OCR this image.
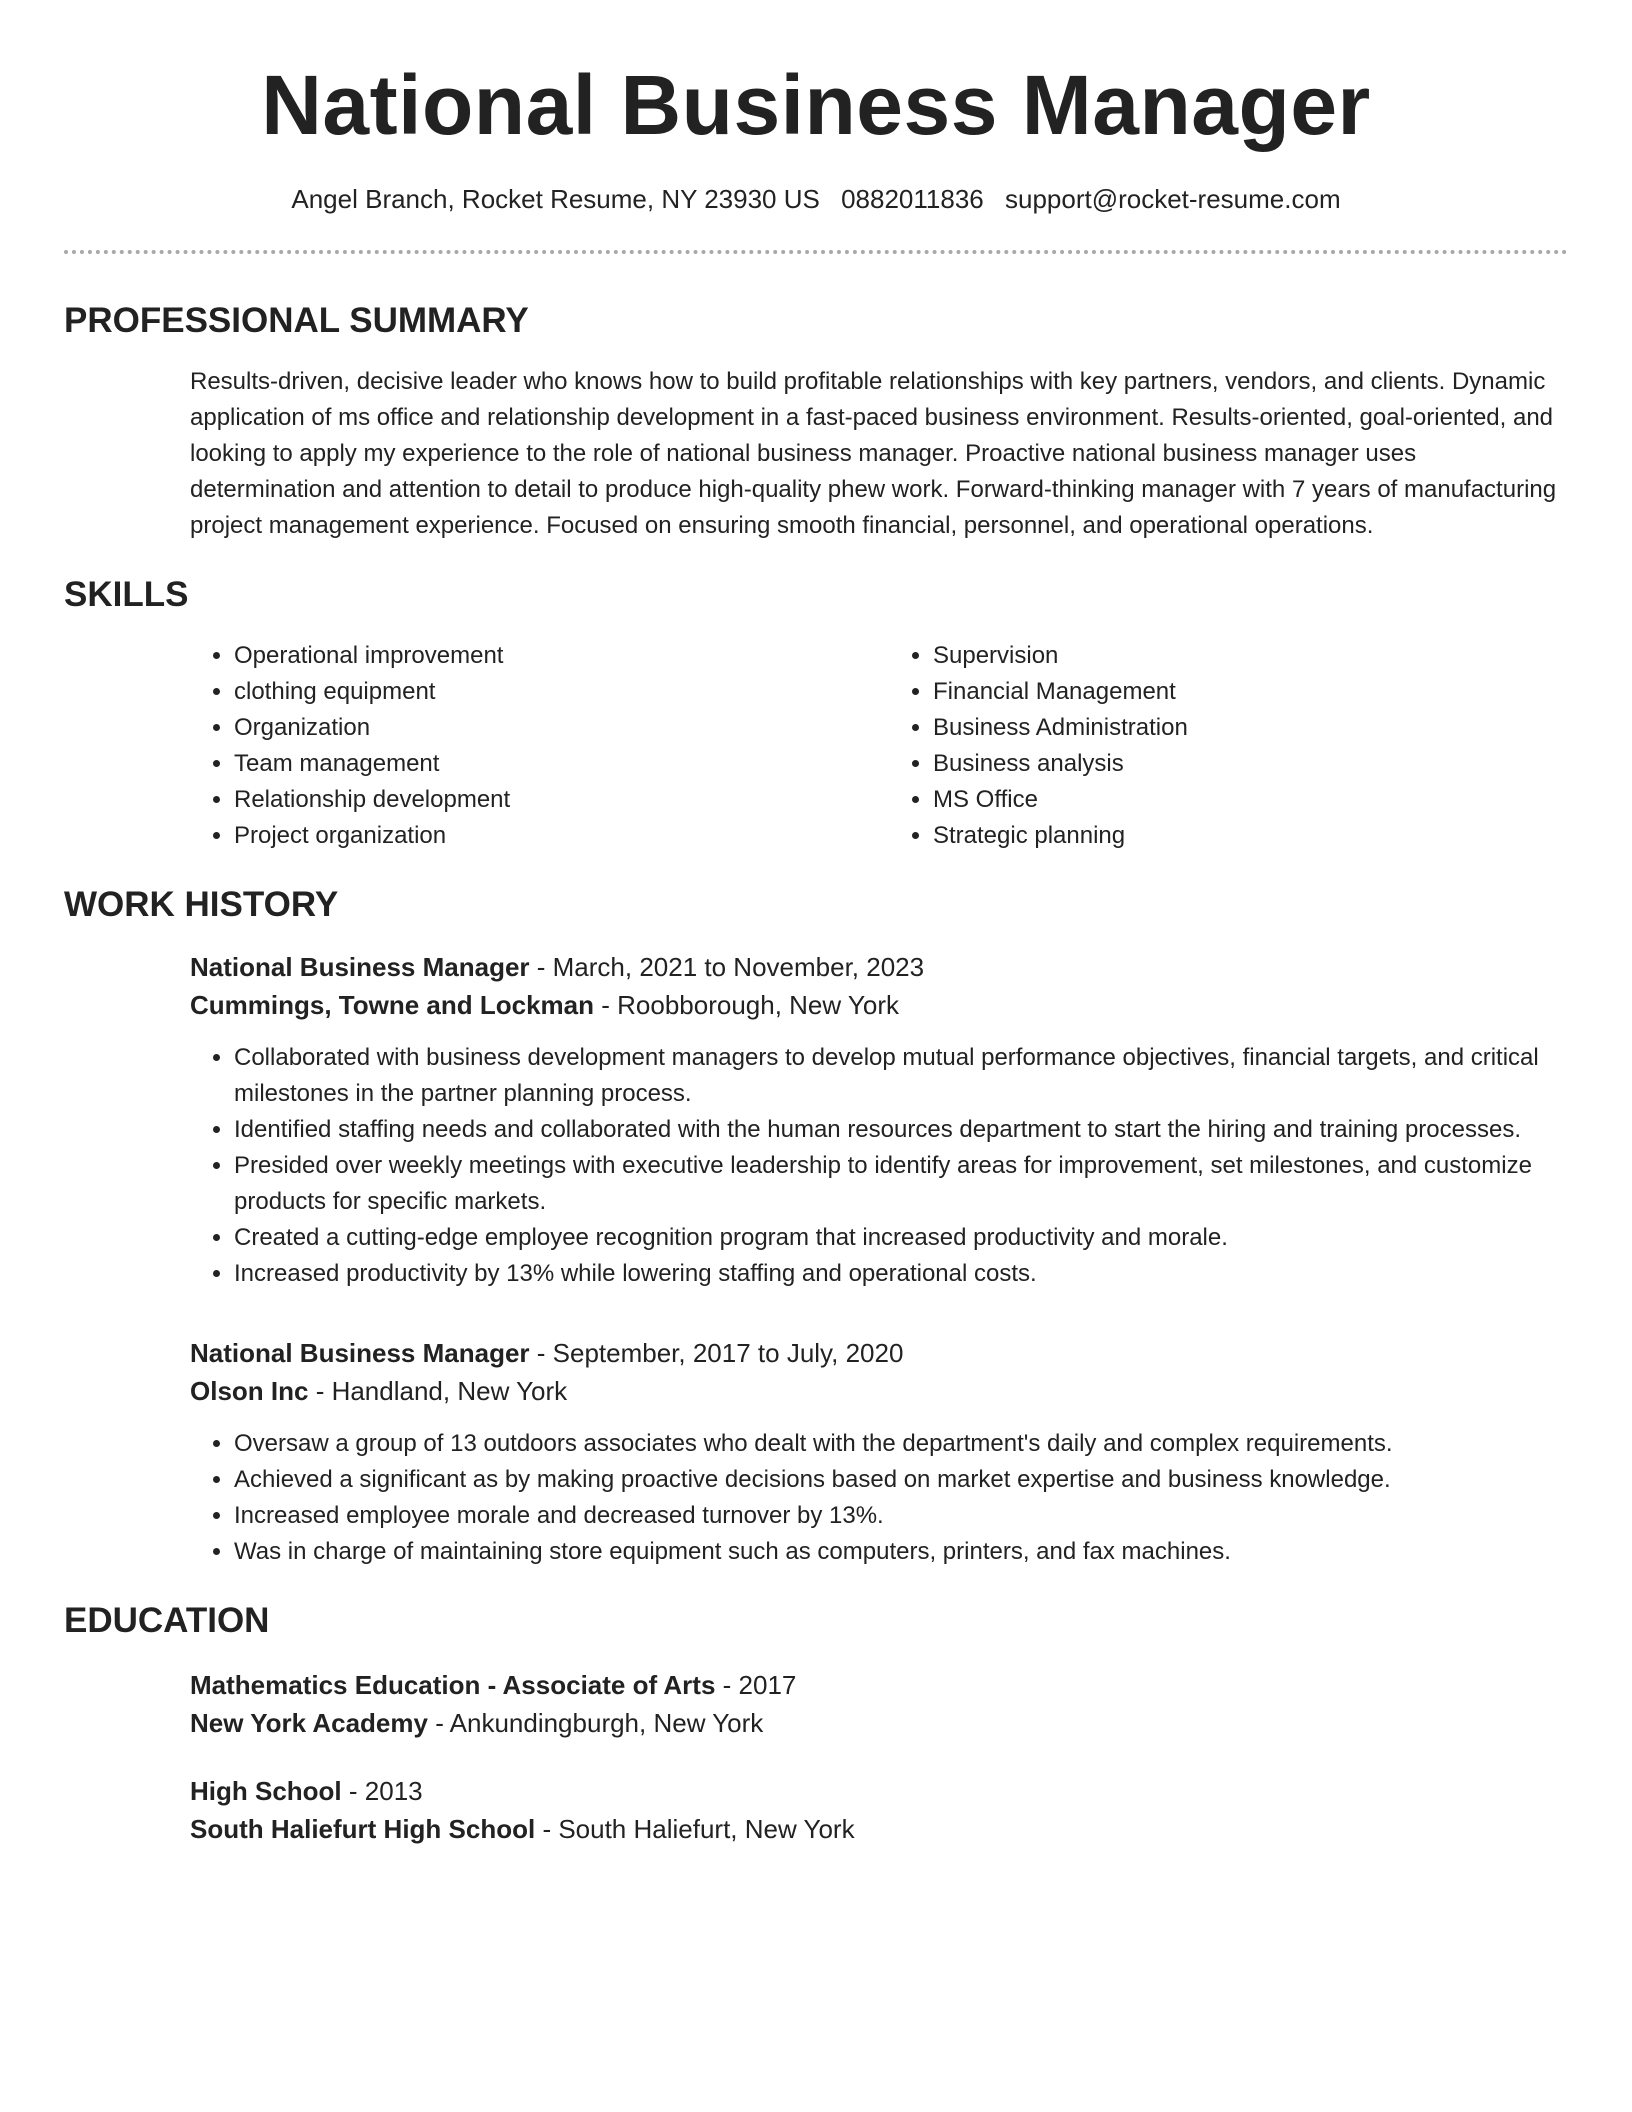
National Business Manager
Angel Branch, Rocket Resume, NY 23930 US 0882011836 support@rocket-resume.com
PROFESSIONAL SUMMARY

Results-driven, decisive leader who knows how to build profitable relationships with key partners, vendors, and clients. Dynamic application of ms office and relationship development in a fast-paced business environment. Results-oriented, goal-oriented, and looking to apply my experience to the role of national business manager. Proactive national business manager uses determination and attention to detail to produce high-quality phew work. Forward-thinking manager with 7 years of manufacturing project management experience. Focused on ensuring smooth financial, personnel, and operational operations.

SKILLS
• Operational improvement
• clothing equipment
• Organization
• Team management
• Relationship development
• Project organization
• Supervision
• Financial Management
• Business Administration
• Business analysis
• MS Office
• Strategic planning
WORK HISTORY
National Business Manager - March, 2021 to November, 2023
Cummings, Towne and Lockman - Roobborough, New York
• Collaborated with business development managers to develop mutual performance objectives, financial targets, and critical milestones in the partner planning process.
• Identified staffing needs and collaborated with the human resources department to start the hiring and training processes.
• Presided over weekly meetings with executive leadership to identify areas for improvement, set milestones, and customize products for specific markets.
• Created a cutting-edge employee recognition program that increased productivity and morale.
• Increased productivity by 13% while lowering staffing and operational costs.
National Business Manager - September, 2017 to July, 2020
Olson Inc - Handland, New York
• Oversaw a group of 13 outdoors associates who dealt with the department's daily and complex requirements.
• Achieved a significant as by making proactive decisions based on market expertise and business knowledge.
• Increased employee morale and decreased turnover by 13%.
• Was in charge of maintaining store equipment such as computers, printers, and fax machines.
EDUCATION
Mathematics Education - Associate of Arts - 2017
New York Academy - Ankundingburgh, New York
High School - 2013
South Haliefurt High School - South Haliefurt, New York
